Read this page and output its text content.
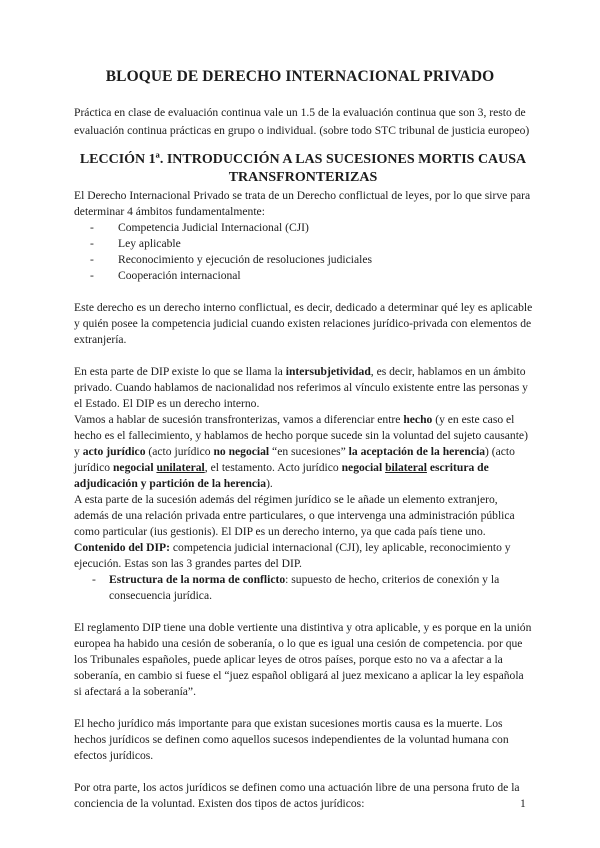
BLOQUE DE DERECHO INTERNACIONAL PRIVADO

Práctica en clase de evaluación continua vale un 1.5 de la evaluación continua que son 3, resto de evaluación continua prácticas en grupo o individual. (sobre todo STC tribunal de justicia europeo)

LECCIÓN 1ª. INTRODUCCIÓN A LAS SUCESIONES MORTIS CAUSA
TRANSFRONTERIZAS

El Derecho Internacional Privado se trata de un Derecho conflictual de leyes, por lo que sirve para determinar 4 ámbitos fundamentalmente:

- Competencia Judicial Internacional (CJI)
- Ley aplicable
- Reconocimiento y ejecución de resoluciones judiciales
- Cooperación internacional

Este derecho es un derecho interno conflictual, es decir, dedicado a determinar qué ley es aplicable y quién posee la competencia judicial cuando existen relaciones jurídico-privada con elementos de extranjería.

En esta parte de DIP existe lo que se llama la intersubjetividad, es decir, hablamos en un ámbito privado. Cuando hablamos de nacionalidad nos referimos al vínculo existente entre las personas y el Estado. El DIP es un derecho interno.

Vamos a hablar de sucesión transfronterizas, vamos a diferenciar entre hecho (y en este caso el hecho es el fallecimiento, y hablamos de hecho porque sucede sin la voluntad del sujeto causante) y acto jurídico (acto jurídico no negocial “en sucesiones” la aceptación de la herencia) (acto jurídico negocial unilateral, el testamento. Acto jurídico negocial bilateral escritura de adjudicación y partición de la herencia).

A esta parte de la sucesión además del régimen jurídico se le añade un elemento extranjero, además de una relación privada entre particulares, o que intervenga una administración pública como particular (ius gestionis). El DIP es un derecho interno, ya que cada país tiene uno.

Contenido del DIP: competencia judicial internacional (CJI), ley aplicable, reconocimiento y ejecución. Estas son las 3 grandes partes del DIP.

- Estructura de la norma de conflicto: supuesto de hecho, criterios de conexión y la consecuencia jurídica.

El reglamento DIP tiene una doble vertiente una distintiva y otra aplicable, y es porque en la unión europea ha habido una cesión de soberanía, o lo que es igual una cesión de competencia. por que los Tribunales españoles, puede aplicar leyes de otros países, porque esto no va a afectar a la soberanía, en cambio si fuese el “juez español obligará al juez mexicano a aplicar la ley española si afectará a la soberanía”.

El hecho jurídico más importante para que existan sucesiones mortis causa es la muerte. Los hechos jurídicos se definen como aquellos sucesos independientes de la voluntad humana con efectos jurídicos.

Por otra parte, los actos jurídicos se definen como una actuación libre de una persona fruto de la conciencia de la voluntad. Existen dos tipos de actos jurídicos:	1
